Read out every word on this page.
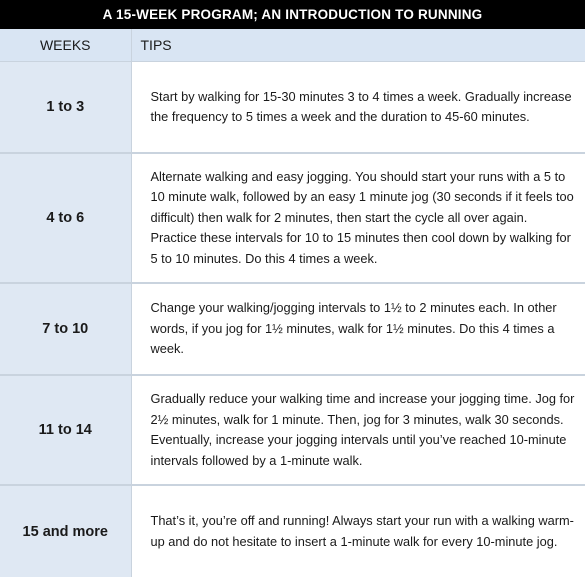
A 15-WEEK PROGRAM; AN INTRODUCTION TO RUNNING
WEEKS	TIPS
1 to 3	Start by walking for 15-30 minutes 3 to 4 times a week. Gradually increase the frequency to 5 times a week and the duration to 45-60 minutes.
4 to 6	Alternate walking and easy jogging. You should start your runs with a 5 to 10 minute walk, followed by an easy 1 minute jog (30 seconds if it feels too difficult) then walk for 2 minutes, then start the cycle all over again. Practice these intervals for 10 to 15 minutes then cool down by walking for 5 to 10 minutes. Do this 4 times a week.
7 to 10	Change your walking/jogging intervals to 1½ to 2 minutes each. In other words, if you jog for 1½ minutes, walk for 1½ minutes. Do this 4 times a week.
11 to 14	Gradually reduce your walking time and increase your jogging time. Jog for 2½ minutes, walk for 1 minute. Then, jog for 3 minutes, walk 30 seconds. Eventually, increase your jogging intervals until you’ve reached 10-minute intervals followed by a 1-minute walk.
15 and more	That’s it, you’re off and running! Always start your run with a walking warm-up and do not hesitate to insert a 1-minute walk for every 10-minute jog.
